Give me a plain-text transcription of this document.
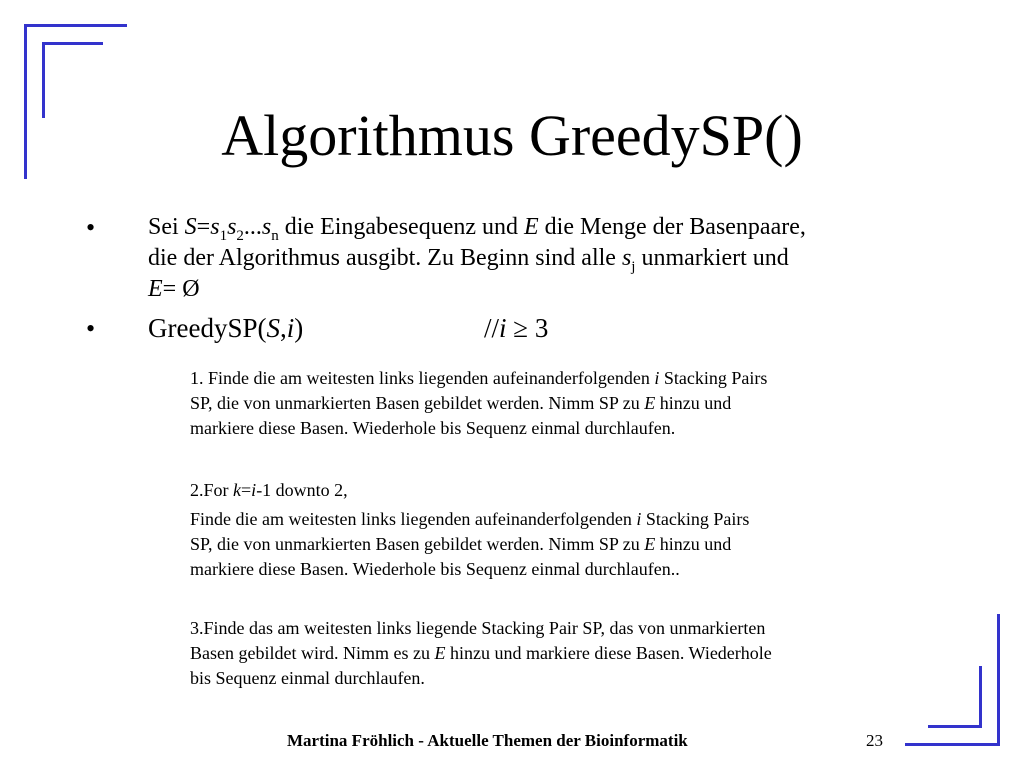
Algorithmus GreedySP()
• Sei $S=s_1s_2...s_n$ die Eingabesequenz und E die Menge der Basenpaare,
die der Algorithmus ausgibt. Zu Beginn sind alle $s_j$ unmarkiert und
E= Ø
• GreedySP(S,i)	//i ≥ 3
1. Finde die am weitesten links liegenden aufeinanderfolgenden i Stacking Pairs
SP, die von unmarkierten Basen gebildet werden. Nimm SP zu E hinzu und
markiere diese Basen. Wiederhole bis Sequenz einmal durchlaufen.
2.For k=i-1 downto 2,
Finde die am weitesten links liegenden aufeinanderfolgenden i Stacking Pairs
SP, die von unmarkierten Basen gebildet werden. Nimm SP zu E hinzu und
markiere diese Basen. Wiederhole bis Sequenz einmal durchlaufen..
3.Finde das am weitesten links liegende Stacking Pair SP, das von unmarkierten
Basen gebildet wird. Nimm es zu E hinzu und markiere diese Basen. Wiederhole
bis Sequenz einmal durchlaufen.
Martina Fröhlich - Aktuelle Themen der Bioinformatik	23
